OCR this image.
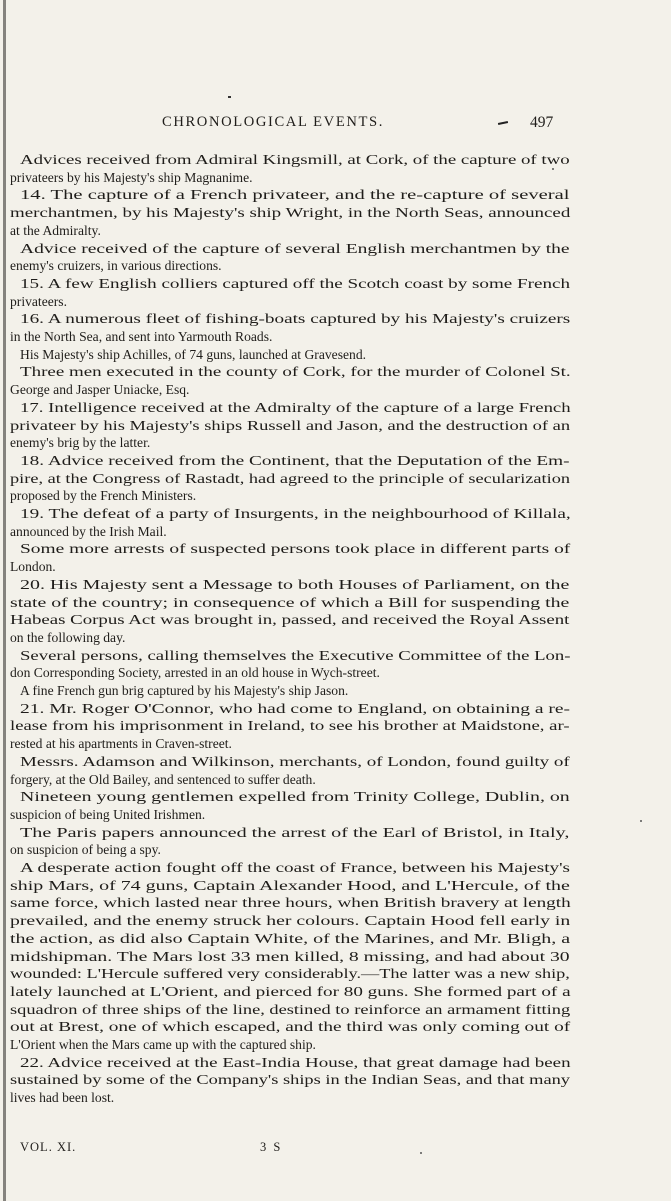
CHRONOLOGICAL EVENTS.	497
Advices received from Admiral Kingsmill, at Cork, of the capture of two
privateers by his Majesty's ship Magnanime.
14. The capture of a French privateer, and the re-capture of several
merchantmen, by his Majesty's ship Wright, in the North Seas, announced
at the Admiralty.
Advice received of the capture of several English merchantmen by the
enemy's cruizers, in various directions.
15. A few English colliers captured off the Scotch coast by some French
privateers.
16. A numerous fleet of fishing-boats captured by his Majesty's cruizers
in the North Sea, and sent into Yarmouth Roads.
His Majesty's ship Achilles, of 74 guns, launched at Gravesend.
Three men executed in the county of Cork, for the murder of Colonel St.
George and Jasper Uniacke, Esq.
17. Intelligence received at the Admiralty of the capture of a large French
privateer by his Majesty's ships Russell and Jason, and the destruction of an
enemy's brig by the latter.
18. Advice received from the Continent, that the Deputation of the Em-
pire, at the Congress of Rastadt, had agreed to the principle of secularization
proposed by the French Ministers.
19. The defeat of a party of Insurgents, in the neighbourhood of Killala,
announced by the Irish Mail.
Some more arrests of suspected persons took place in different parts of
London.
20. His Majesty sent a Message to both Houses of Parliament, on the
state of the country; in consequence of which a Bill for suspending the
Habeas Corpus Act was brought in, passed, and received the Royal Assent
on the following day.
Several persons, calling themselves the Executive Committee of the Lon-
don Corresponding Society, arrested in an old house in Wych-street.
A fine French gun brig captured by his Majesty's ship Jason.
21. Mr. Roger O'Connor, who had come to England, on obtaining a re-
lease from his imprisonment in Ireland, to see his brother at Maidstone, ar-
rested at his apartments in Craven-street.
Messrs. Adamson and Wilkinson, merchants, of London, found guilty of
forgery, at the Old Bailey, and sentenced to suffer death.
Nineteen young gentlemen expelled from Trinity College, Dublin, on
suspicion of being United Irishmen.
The Paris papers announced the arrest of the Earl of Bristol, in Italy,
on suspicion of being a spy.
A desperate action fought off the coast of France, between his Majesty's
ship Mars, of 74 guns, Captain Alexander Hood, and L'Hercule, of the
same force, which lasted near three hours, when British bravery at length
prevailed, and the enemy struck her colours. Captain Hood fell early in
the action, as did also Captain White, of the Marines, and Mr. Bligh, a
midshipman. The Mars lost 33 men killed, 8 missing, and had about 30
wounded: L'Hercule suffered very considerably.—The latter was a new ship,
lately launched at L'Orient, and pierced for 80 guns. She formed part of a
squadron of three ships of the line, destined to reinforce an armament fitting
out at Brest, one of which escaped, and the third was only coming out of
L'Orient when the Mars came up with the captured ship.
22. Advice received at the East-India House, that great damage had been
sustained by some of the Company's ships in the Indian Seas, and that many
lives had been lost.
VOL. XI.	3 S
